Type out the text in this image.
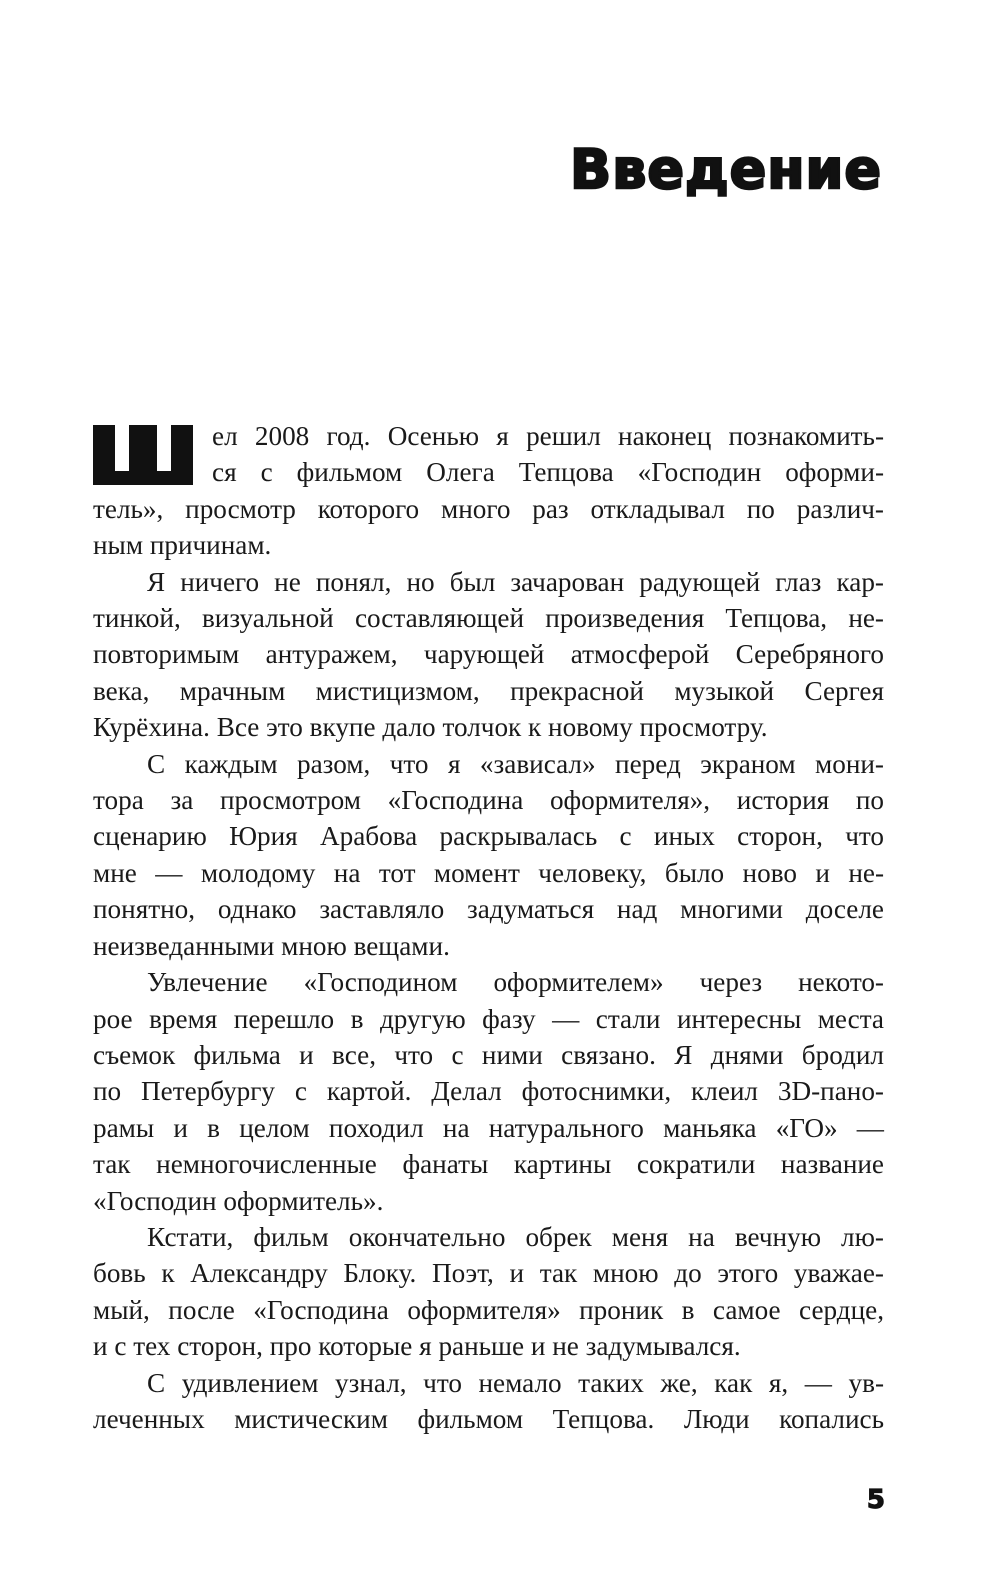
Введение

ел 2008 год. Осенью я решил наконец познакомить-
ся с фильмом Олега Тепцова «Господин оформи-
тель», просмотр которого много раз откладывал по различ-
ным причинам.

Я ничего не понял, но был зачарован радующей глаз кар-
тинкой, визуальной составляющей произведения Тепцова, не-
повторимым антуражем, чарующей атмосферой Серебряного
века, мрачным мистицизмом, прекрасной музыкой Сергея
Курёхина. Все это вкупе дало толчок к новому просмотру.

С каждым разом, что я «зависал» перед экраном мони-
тора за просмотром «Господина оформителя», история по
сценарию Юрия Арабова раскрывалась с иных сторон, что
мне — молодому на тот момент человеку, было ново и не-
понятно, однако заставляло задуматься над многими доселе
неизведанными мною вещами.

Увлечение «Господином оформителем» через некото-
рое время перешло в другую фазу — стали интересны места
съемок фильма и все, что с ними связано. Я днями бродил
по Петербургу с картой. Делал фотоснимки, клеил 3D-пано-
рамы и в целом походил на натурального маньяка «ГО» —
так немногочисленные фанаты картины сократили название
«Господин оформитель».

Кстати, фильм окончательно обрек меня на вечную лю-
бовь к Александру Блоку. Поэт, и так мною до этого уважае-
мый, после «Господина оформителя» проник в самое сердце,
и с тех сторон, про которые я раньше и не задумывался.

С удивлением узнал, что немало таких же, как я, — ув-
леченных мистическим фильмом Тепцова. Люди копались

5
